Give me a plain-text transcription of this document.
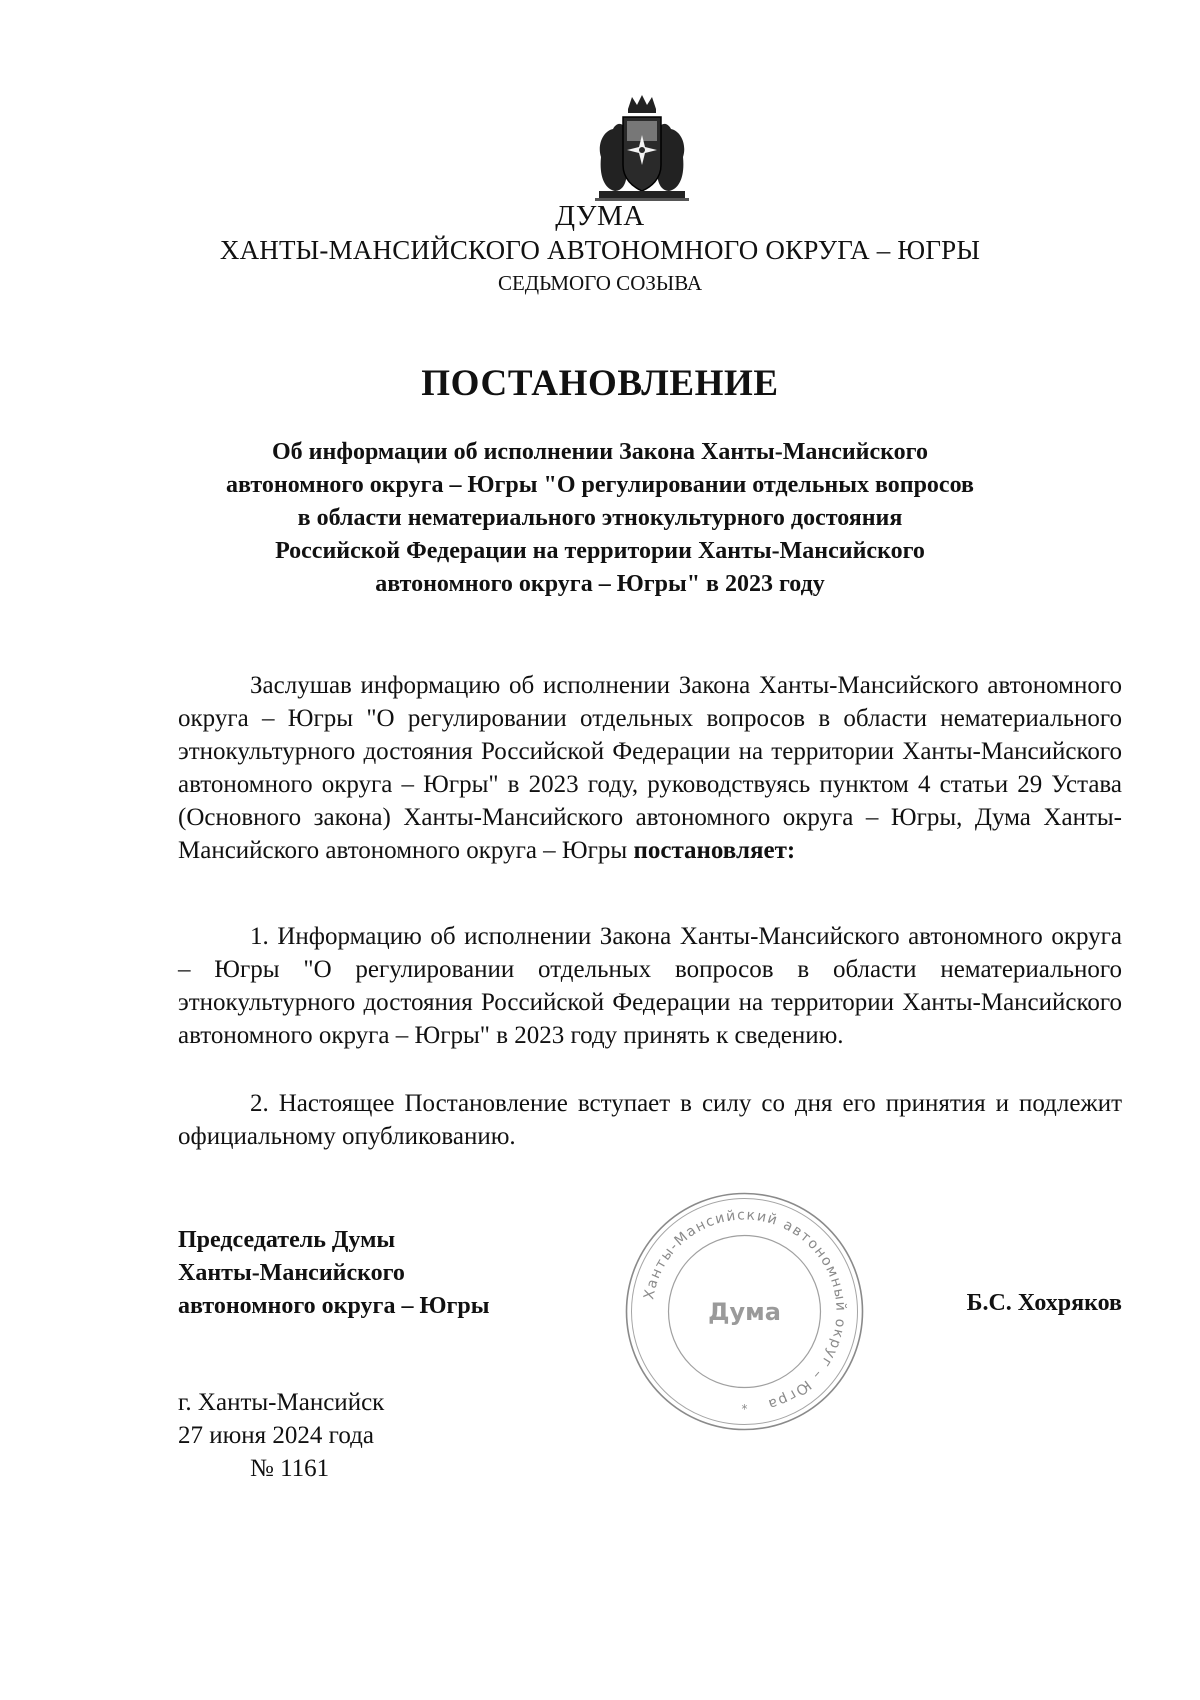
ДУМА
ХАНТЫ-МАНСИЙСКОГО АВТОНОМНОГО ОКРУГА – ЮГРЫ
СЕДЬМОГО СОЗЫВА
ПОСТАНОВЛЕНИЕ

Об информации об исполнении Закона Ханты-Мансийского
автономного округа – Югры "О регулировании отдельных вопросов
в области нематериального этнокультурного достояния
Российской Федерации на территории Ханты-Мансийского
автономного округа – Югры" в 2023 году

Заслушав информацию об исполнении Закона Ханты-Мансийского автономного округа – Югры "О регулировании отдельных вопросов в области нематериального этнокультурного достояния Российской Федерации на территории Ханты-Мансийского автономного округа – Югры" в 2023 году, руководствуясь пунктом 4 статьи 29 Устава (Основного закона) Ханты-Мансийского автономного округа – Югры, Дума Ханты-Мансийского автономного округа – Югры постановляет:

1. Информацию об исполнении Закона Ханты-Мансийского автономного округа – Югры "О регулировании отдельных вопросов в области нематериального этнокультурного достояния Российской Федерации на территории Ханты-Мансийского автономного округа – Югры" в 2023 году принять к сведению.

2. Настоящее Постановление вступает в силу со дня его принятия и подлежит официальному опубликованию.

Председатель Думы
Ханты-Мансийского
автономного округа – Югры	Ханты-Мансийский автономный округ – Югра
Дума
*
Б.С. Хохряков
г. Ханты-Мансийск
27 июня 2024 года
№ 1161
